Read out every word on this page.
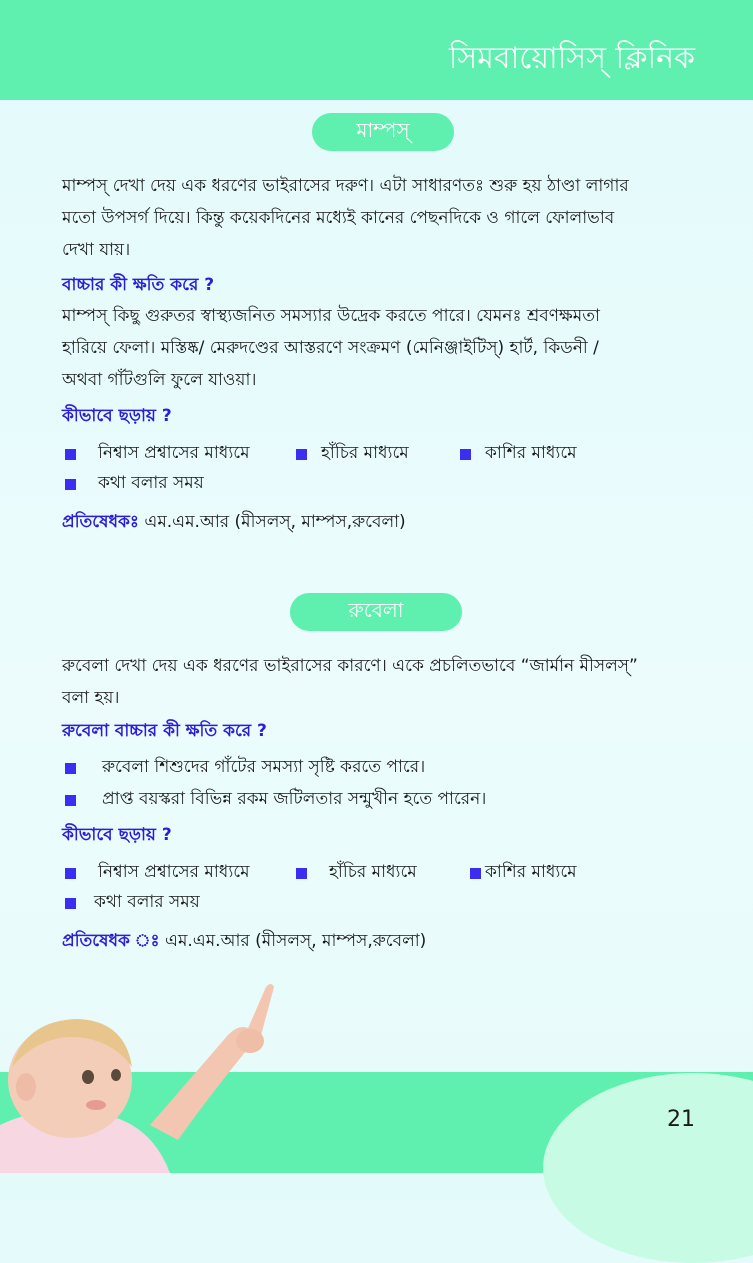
সিমবায়োসিস্ ক্লিনিক
মাম্পস্

মাম্পস্ দেখা দেয় এক ধরণের ভাইরাসের দরুণ। এটা সাধারণতঃ শুরু হয় ঠাণ্ডা লাগার
মতো উপসর্গ দিয়ে। কিন্তু কয়েকদিনের মধ্যেই কানের পেছনদিকে ও গালে ফোলাভাব
দেখা যায়।

বাচ্চার কী ক্ষতি করে ?

মাম্পস্ কিছু গুরুতর স্বাস্থ্যজনিত সমস্যার উদ্রেক করতে পারে। যেমনঃ শ্রবণক্ষমতা
হারিয়ে ফেলা। মস্তিষ্ক/ মেরুদণ্ডের আস্তরণে সংক্রমণ (মেনিঞ্জাইটিস্) হার্ট, কিডনী /
অথবা গাঁটগুলি ফুলে যাওয়া।

কীভাবে ছড়ায় ?
নিশ্বাস প্রশ্বাসের মাধ্যমে	হাঁচির মাধ্যমে	কাশির মাধ্যমে
কথা বলার সময়
প্রতিষেধকঃ এম.এম.আর (মীসলস্, মাম্পস,রুবেলা)
রুবেলা

রুবেলা দেখা দেয় এক ধরণের ভাইরাসের কারণে। একে প্রচলিতভাবে “জার্মান মীসলস্”
বলা হয়।

রুবেলা বাচ্চার কী ক্ষতি করে ?
রুবেলা শিশুদের গাঁটের সমস্যা সৃষ্টি করতে পারে।
প্রাপ্ত বয়স্করা বিভিন্ন রকম জটিলতার সন্মুখীন হতে পারেন।
কীভাবে ছড়ায় ?
নিশ্বাস প্রশ্বাসের মাধ্যমে	হাঁচির মাধ্যমে	কাশির মাধ্যমে
কথা বলার সময়
প্রতিষেধক ঃ এম.এম.আর (মীসলস্, মাম্পস,রুবেলা)
21
